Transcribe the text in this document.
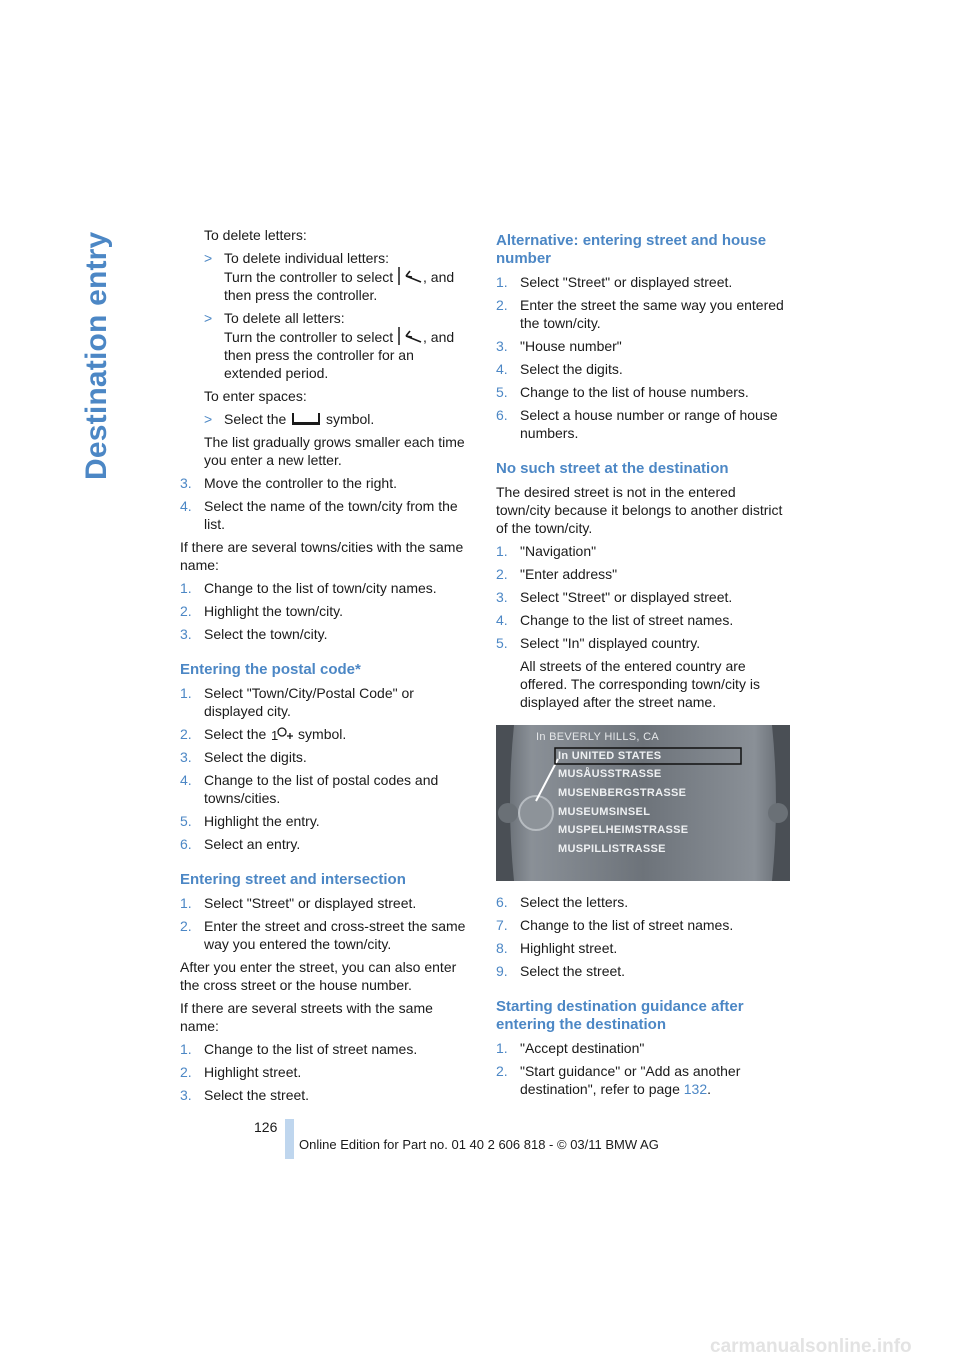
Destination entry	To delete letters:
> To delete individual letters:
Turn the controller to select , and
then press the controller.
> To delete all letters:
Turn the controller to select , and
then press the controller for an extended period.
To enter spaces:
> Select the	symbol.
The list gradually grows smaller each time you enter a new letter.
3. Move the controller to the right.
4. Select the name of the town/city from the list.
If there are several towns/cities with the same name:
1. Change to the list of town/city names.
2. Highlight the town/city.
3. Select the town/city.
Entering the postal code*
1. Select "Town/City/Postal Code" or displayed city.
2. Select the 1 symbol.
3. Select the digits.
4. Change to the list of postal codes and towns/cities.
5. Highlight the entry.
6. Select an entry.
Entering street and intersection
1. Select "Street" or displayed street.
2. Enter the street and cross-street the same way you entered the town/city.
After you enter the street, you can also enter the cross street or the house number.
If there are several streets with the same name:
1. Change to the list of street names.
2. Highlight street.
3. Select the street.
Alternative: entering street and house number
1. Select "Street" or displayed street.
2. Enter the street the same way you entered the town/city.
3. "House number"
4. Select the digits.
5. Change to the list of house numbers.
6. Select a house number or range of house numbers.
No such street at the destination
The desired street is not in the entered town/city because it belongs to another district of the town/city.
1. "Navigation"
2. "Enter address"
3. Select "Street" or displayed street.
4. Change to the list of street names.
5. Select "In" displayed country.
All streets of the entered country are offered. The corresponding town/city is displayed after the street name.
In BEVERLY HILLS, CA
In UNITED STATES
MUSÅUSSTRASSE
MUSENBERGSTRASSE
MUSEUMSINSEL
MUSPELHEIMSTRASSE
MUSPILLISTRASSE
6. Select the letters.
7. Change to the list of street names.
8. Highlight street.
9. Select the street.
Starting destination guidance after entering the destination
1. "Accept destination"
2. "Start guidance" or "Add as another destination", refer to page 132.
126
Online Edition for Part no. 01 40 2 606 818 - © 03/11 BMW AG
carmanualsonline.info
